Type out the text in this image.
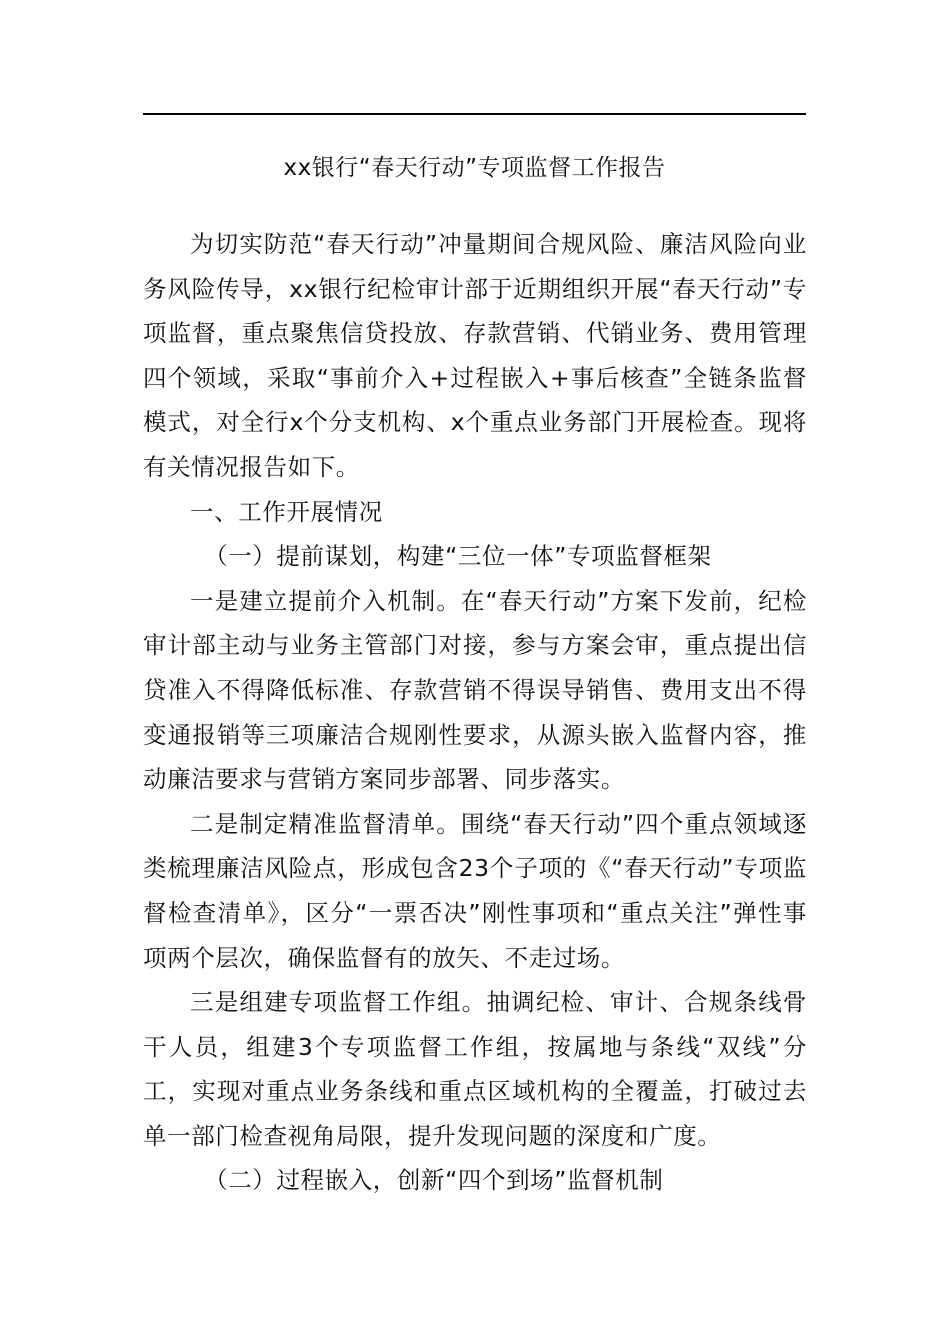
xx银行“春天行动”专项监督工作报告

为切实防范“春天行动”冲量期间合规风险、廉洁风险向业务风险传导，xx银行纪检审计部于近期组织开展“春天行动”专项监督，重点聚焦信贷投放、存款营销、代销业务、费用管理四个领域，采取“事前介入+过程嵌入+事后核查”全链条监督模式，对全行x个分支机构、x个重点业务部门开展检查。现将有关情况报告如下。

一、工作开展情况

（一）提前谋划，构建“三位一体”专项监督框架

一是建立提前介入机制。在“春天行动”方案下发前，纪检审计部主动与业务主管部门对接，参与方案会审，重点提出信贷准入不得降低标准、存款营销不得误导销售、费用支出不得变通报销等三项廉洁合规刚性要求，从源头嵌入监督内容，推动廉洁要求与营销方案同步部署、同步落实。

二是制定精准监督清单。围绕“春天行动”四个重点领域逐类梳理廉洁风险点，形成包含23个子项的《“春天行动”专项监督检查清单》，区分“一票否决”刚性事项和“重点关注”弹性事项两个层次，确保监督有的放矢、不走过场。

三是组建专项监督工作组。抽调纪检、审计、合规条线骨干人员，组建3个专项监督工作组，按属地与条线“双线”分工，实现对重点业务条线和重点区域机构的全覆盖，打破过去单一部门检查视角局限，提升发现问题的深度和广度。

（二）过程嵌入，创新“四个到场”监督机制
